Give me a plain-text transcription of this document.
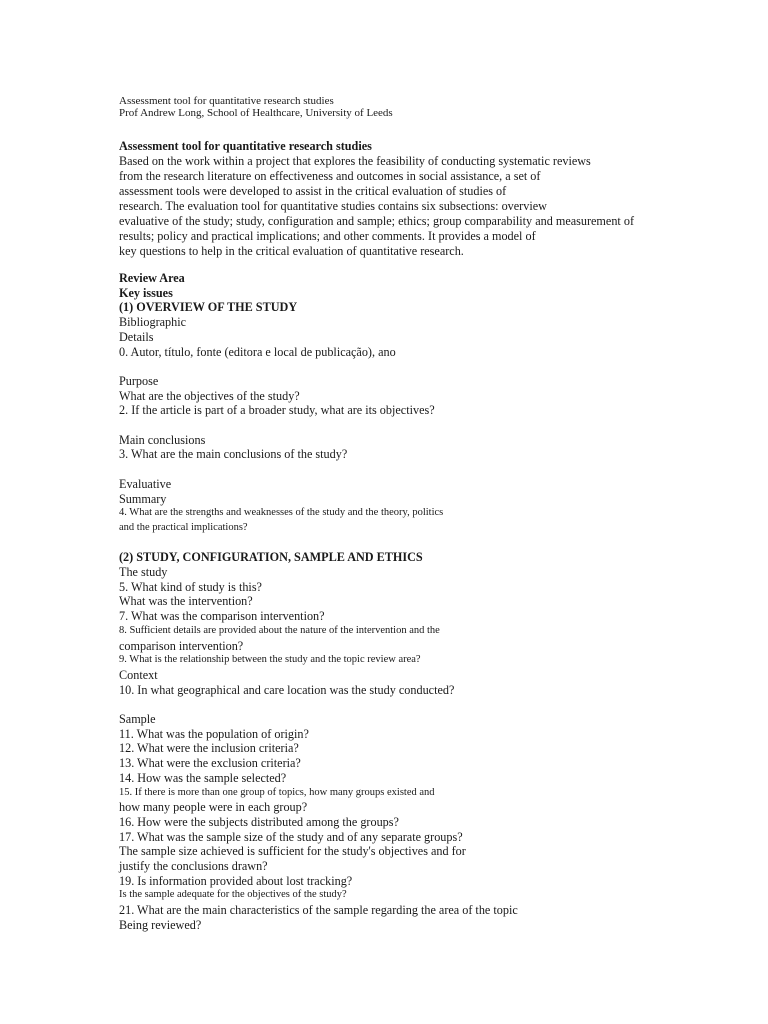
Assessment tool for quantitative research studies
Prof Andrew Long, School of Healthcare, University of Leeds
Assessment tool for quantitative research studies
Based on the work within a project that explores the feasibility of conducting systematic reviews
from the research literature on effectiveness and outcomes in social assistance, a set of
assessment tools were developed to assist in the critical evaluation of studies of
research. The evaluation tool for quantitative studies contains six subsections: overview
evaluative of the study; study, configuration and sample; ethics; group comparability and measurement of
results; policy and practical implications; and other comments. It provides a model of
key questions to help in the critical evaluation of quantitative research.
Review Area
Key issues
(1) OVERVIEW OF THE STUDY
Bibliographic
Details
0. Autor, título, fonte (editora e local de publicação), ano
Purpose
What are the objectives of the study?
2. If the article is part of a broader study, what are its objectives?
Main conclusions
3. What are the main conclusions of the study?
Evaluative
Summary
4. What are the strengths and weaknesses of the study and the theory, politics
and the practical implications?
(2) STUDY, CONFIGURATION, SAMPLE AND ETHICS
The study
5. What kind of study is this?
What was the intervention?
7. What was the comparison intervention?
8. Sufficient details are provided about the nature of the intervention and the
comparison intervention?
9. What is the relationship between the study and the topic review area?
Context
10. In what geographical and care location was the study conducted?
Sample
11. What was the population of origin?
12. What were the inclusion criteria?
13. What were the exclusion criteria?
14. How was the sample selected?
15. If there is more than one group of topics, how many groups existed and
how many people were in each group?
16. How were the subjects distributed among the groups?
17. What was the sample size of the study and of any separate groups?
The sample size achieved is sufficient for the study's objectives and for
justify the conclusions drawn?
19. Is information provided about lost tracking?
Is the sample adequate for the objectives of the study?
21. What are the main characteristics of the sample regarding the area of the topic
Being reviewed?
